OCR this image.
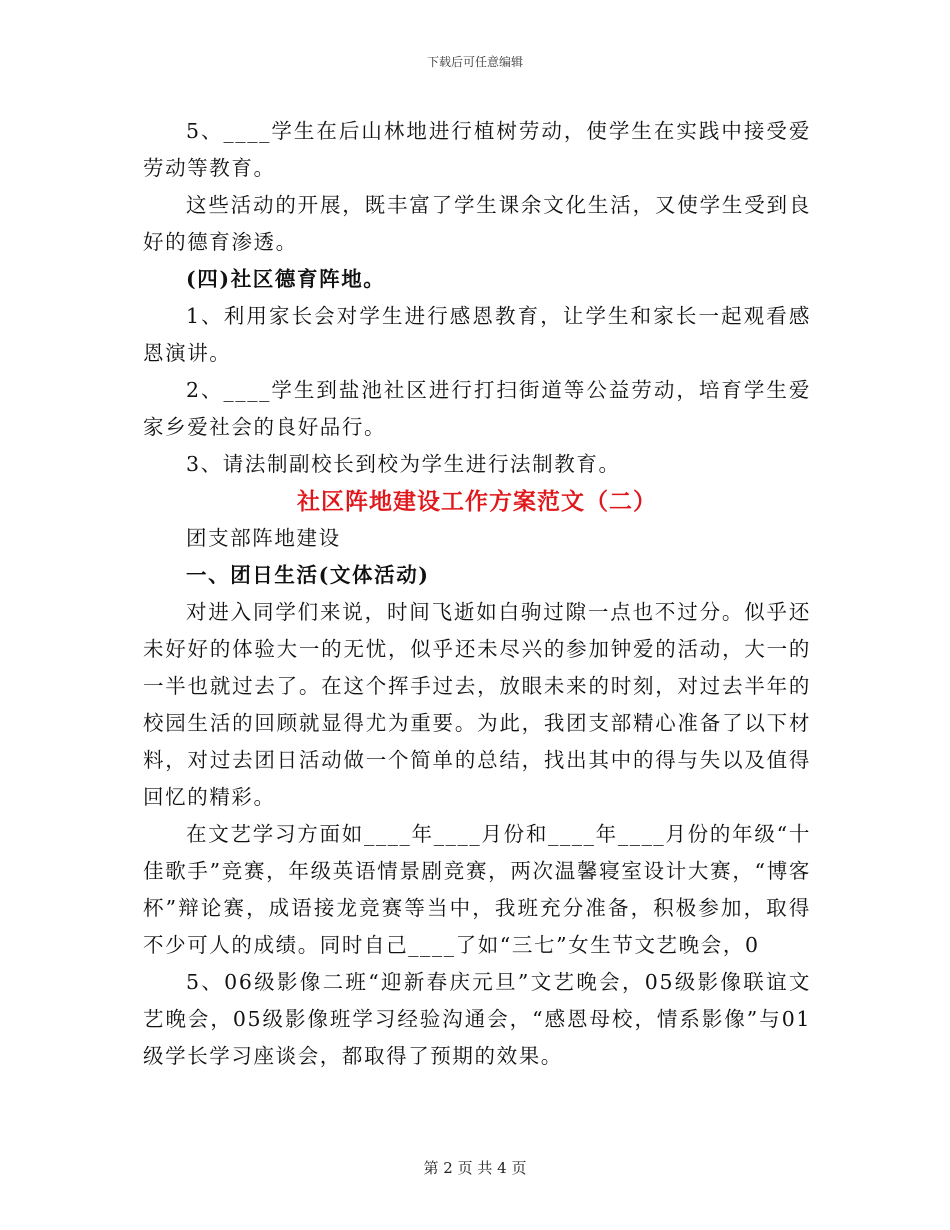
下载后可任意编辑

5、____学生在后山林地进行植树劳动，使学生在实践中接受爱劳动等教育。

这些活动的开展，既丰富了学生课余文化生活，又使学生受到良好的德育渗透。

(四)社区德育阵地。

1、利用家长会对学生进行感恩教育，让学生和家长一起观看感恩演讲。

2、____学生到盐池社区进行打扫街道等公益劳动，培育学生爱家乡爱社会的良好品行。

3、请法制副校长到校为学生进行法制教育。

社区阵地建设工作方案范文（二）

团支部阵地建设

一、团日生活(文体活动)

对进入同学们来说，时间飞逝如白驹过隙一点也不过分。似乎还未好好的体验大一的无忧，似乎还未尽兴的参加钟爱的活动，大一的一半也就过去了。在这个挥手过去，放眼未来的时刻，对过去半年的校园生活的回顾就显得尤为重要。为此，我团支部精心准备了以下材料，对过去团日活动做一个简单的总结，找出其中的得与失以及值得回忆的精彩。

在文艺学习方面如____年____月份和____年____月份的年级“十佳歌手”竞赛，年级英语情景剧竞赛，两次温馨寝室设计大赛，“博客杯”辩论赛，成语接龙竞赛等当中，我班充分准备，积极参加，取得不少可人的成绩。同时自己____了如“三七”女生节文艺晚会，0

5、06级影像二班“迎新春庆元旦”文艺晚会，05级影像联谊文艺晚会，05级影像班学习经验沟通会，“感恩母校，情系影像”与01级学长学习座谈会，都取得了预期的效果。

第 2 页 共 4 页
